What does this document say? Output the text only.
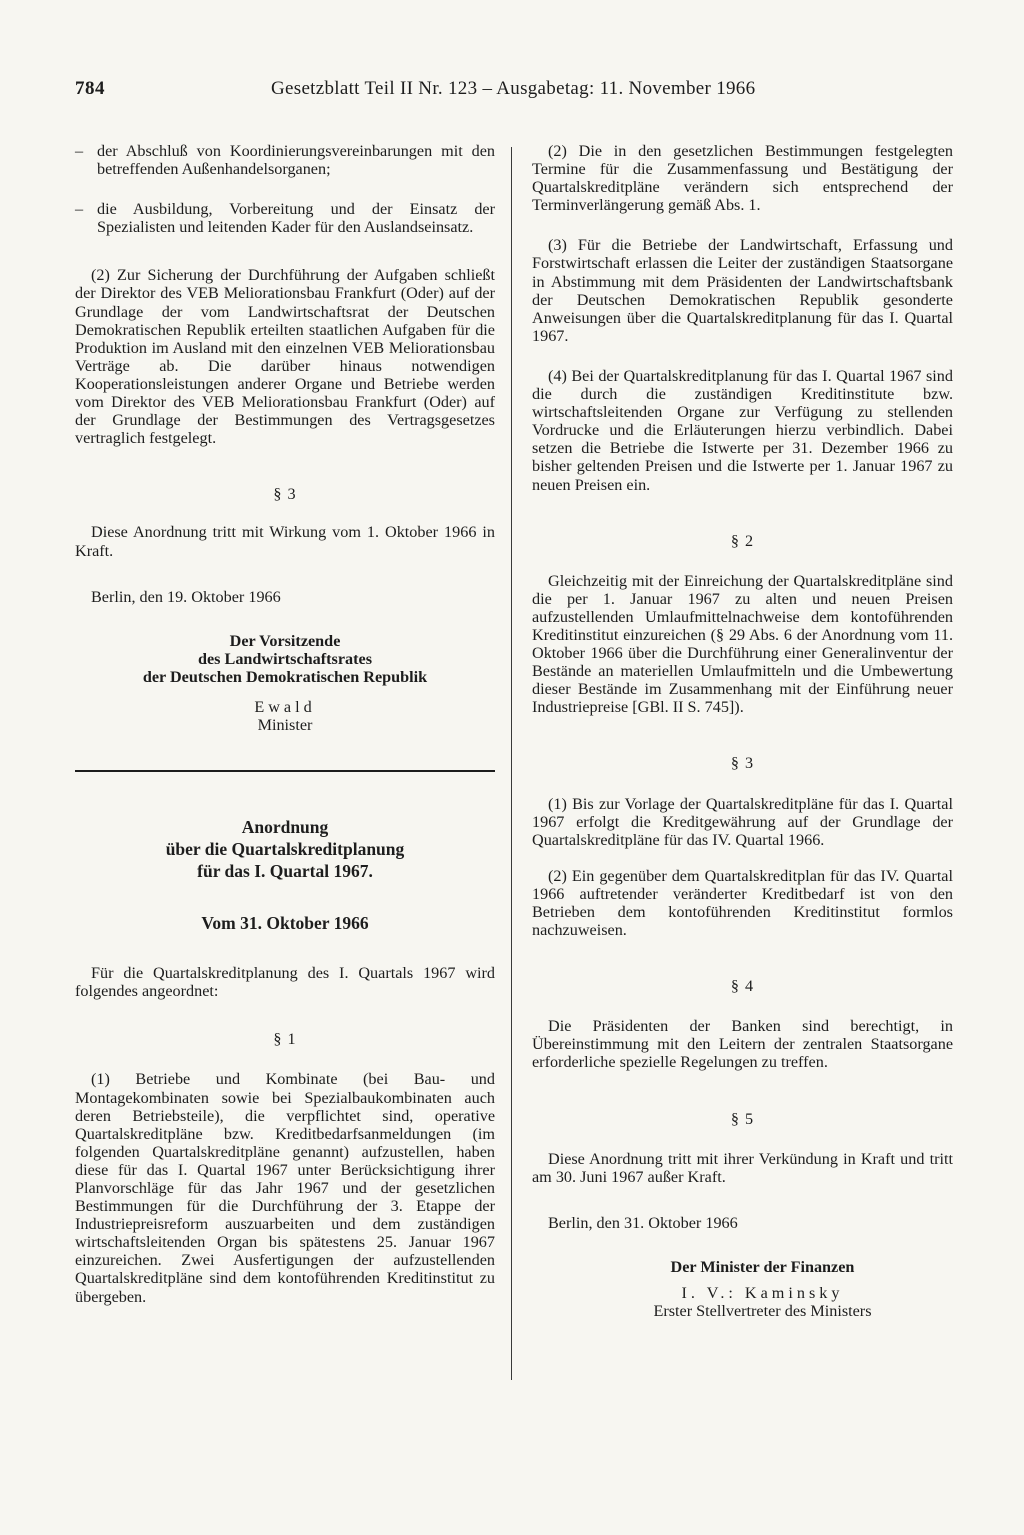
784	Gesetzblatt Teil II Nr. 123 – Ausgabetag: 11. November 1966
– der Abschluß von Koordinierungsvereinbarungen mit den betreffenden Außenhandelsorganen;
– die Ausbildung, Vorbereitung und der Einsatz der Spezialisten und leitenden Kader für den Auslandseinsatz.

(2) Zur Sicherung der Durchführung der Aufgaben schließt der Direktor des VEB Meliorationsbau Frankfurt (Oder) auf der Grundlage der vom Landwirtschaftsrat der Deutschen Demokratischen Republik erteilten staatlichen Aufgaben für die Produktion im Ausland mit den einzelnen VEB Meliorationsbau Verträge ab. Die darüber hinaus notwendigen Kooperationsleistungen anderer Organe und Betriebe werden vom Direktor des VEB Meliorationsbau Frankfurt (Oder) auf der Grundlage der Bestimmungen des Vertragsgesetzes vertraglich festgelegt.

§ 3

Diese Anordnung tritt mit Wirkung vom 1. Oktober 1966 in Kraft.

Berlin, den 19. Oktober 1966

Der Vorsitzende
des Landwirtschaftsrates
der Deutschen Demokratischen Republik
Ewald
Minister
Anordnung
über die Quartalskreditplanung
für das I. Quartal 1967.
Vom 31. Oktober 1966

Für die Quartalskreditplanung des I. Quartals 1967 wird folgendes angeordnet:

§ 1

(1) Betriebe und Kombinate (bei Bau- und Montagekombinaten sowie bei Spezialbaukombinaten auch deren Betriebsteile), die verpflichtet sind, operative Quartalskreditpläne bzw. Kreditbedarfsanmeldungen (im folgenden Quartalskreditpläne genannt) aufzustellen, haben diese für das I. Quartal 1967 unter Berücksichtigung ihrer Planvorschläge für das Jahr 1967 und der gesetzlichen Bestimmungen für die Durchführung der 3. Etappe der Industriepreisreform auszuarbeiten und dem zuständigen wirtschaftsleitenden Organ bis spätestens 25. Januar 1967 einzureichen. Zwei Ausfertigungen der aufzustellenden Quartalskreditpläne sind dem kontoführenden Kreditinstitut zu übergeben.

(2) Die in den gesetzlichen Bestimmungen festgelegten Termine für die Zusammenfassung und Bestätigung der Quartalskreditpläne verändern sich entsprechend der Terminverlängerung gemäß Abs. 1.

(3) Für die Betriebe der Landwirtschaft, Erfassung und Forstwirtschaft erlassen die Leiter der zuständigen Staatsorgane in Abstimmung mit dem Präsidenten der Landwirtschaftsbank der Deutschen Demokratischen Republik gesonderte Anweisungen über die Quartalskreditplanung für das I. Quartal 1967.

(4) Bei der Quartalskreditplanung für das I. Quartal 1967 sind die durch die zuständigen Kreditinstitute bzw. wirtschaftsleitenden Organe zur Verfügung zu stellenden Vordrucke und die Erläuterungen hierzu verbindlich. Dabei setzen die Betriebe die Istwerte per 31. Dezember 1966 zu bisher geltenden Preisen und die Istwerte per 1. Januar 1967 zu neuen Preisen ein.

§ 2

Gleichzeitig mit der Einreichung der Quartalskreditpläne sind die per 1. Januar 1967 zu alten und neuen Preisen aufzustellenden Umlaufmittelnachweise dem kontoführenden Kreditinstitut einzureichen (§ 29 Abs. 6 der Anordnung vom 11. Oktober 1966 über die Durchführung einer Generalinventur der Bestände an materiellen Umlaufmitteln und die Umbewertung dieser Bestände im Zusammenhang mit der Einführung neuer Industriepreise [GBl. II S. 745]).

§ 3

(1) Bis zur Vorlage der Quartalskreditpläne für das I. Quartal 1967 erfolgt die Kreditgewährung auf der Grundlage der Quartalskreditpläne für das IV. Quartal 1966.

(2) Ein gegenüber dem Quartalskreditplan für das IV. Quartal 1966 auftretender veränderter Kreditbedarf ist von den Betrieben dem kontoführenden Kreditinstitut formlos nachzuweisen.

§ 4

Die Präsidenten der Banken sind berechtigt, in Übereinstimmung mit den Leitern der zentralen Staatsorgane erforderliche spezielle Regelungen zu treffen.

§ 5

Diese Anordnung tritt mit ihrer Verkündung in Kraft und tritt am 30. Juni 1967 außer Kraft.

Berlin, den 31. Oktober 1966

Der Minister der Finanzen
I. V.: Kaminsky
Erster Stellvertreter des Ministers
